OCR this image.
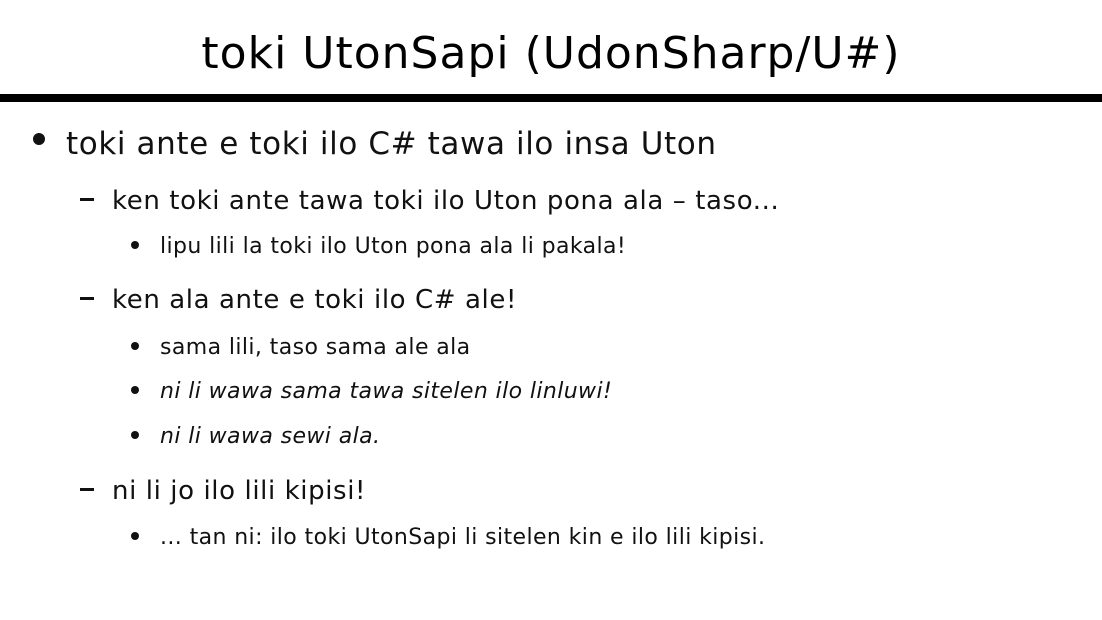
toki UtonSapi (UdonSharp/U#)
toki ante e toki ilo C# tawa ilo insa Uton
ken toki ante tawa toki ilo Uton pona ala – taso...
lipu lili la toki ilo Uton pona ala li pakala!
ken ala ante e toki ilo C# ale!
sama lili, taso sama ale ala
ni li wawa sama tawa sitelen ilo linluwi!
ni li wawa sewi ala.
ni li jo ilo lili kipisi!
... tan ni: ilo toki UtonSapi li sitelen kin e ilo lili kipisi.
